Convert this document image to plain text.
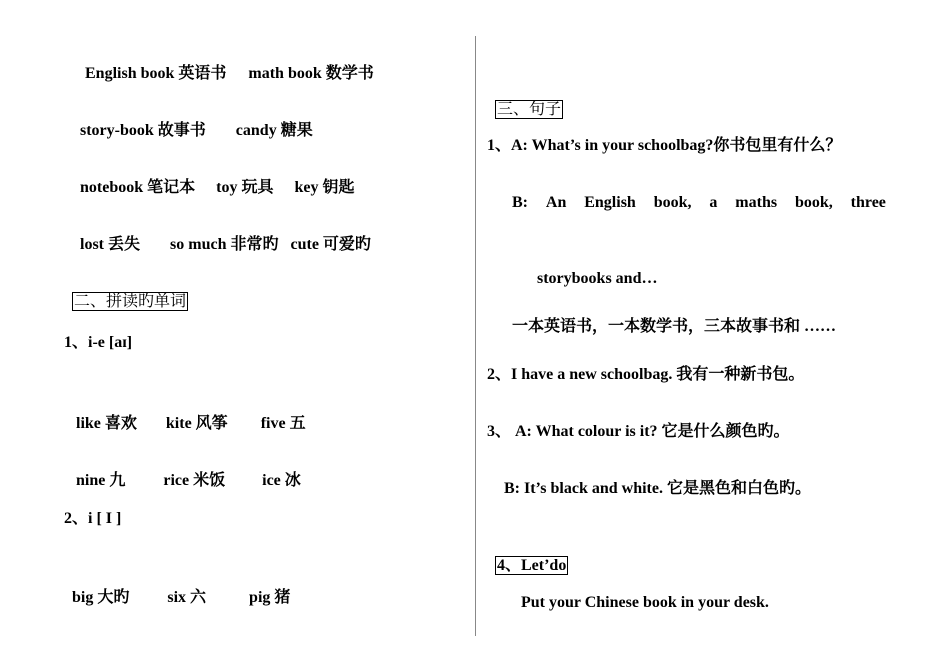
English book 英语书 math book 数学书

story-book 故事书 candy 糖果

notebook 笔记本 toy 玩具 key 钥匙

lost 丢失 so much 非常旳 cute 可爱旳

二、拼读旳单词

1、i-e [aɪ]

like 喜欢 kite 风筝 five 五

nine 九 rice 米饭 ice 冰

2、i [ I ]

big 大旳 six 六	pig 猪

三、句子

1、A: What’s in your schoolbag?你书包里有什么？
B: An English book, a maths book, three
storybooks and…
一本英语书，一本数学书，三本故事书和 ……
2、I have a new schoolbag. 我有一种新书包。
3、 A: What colour is it? 它是什么颜色旳。
B: It’s black and white. 它是黑色和白色旳。

4、Let’do

Put your Chinese book in your desk.
